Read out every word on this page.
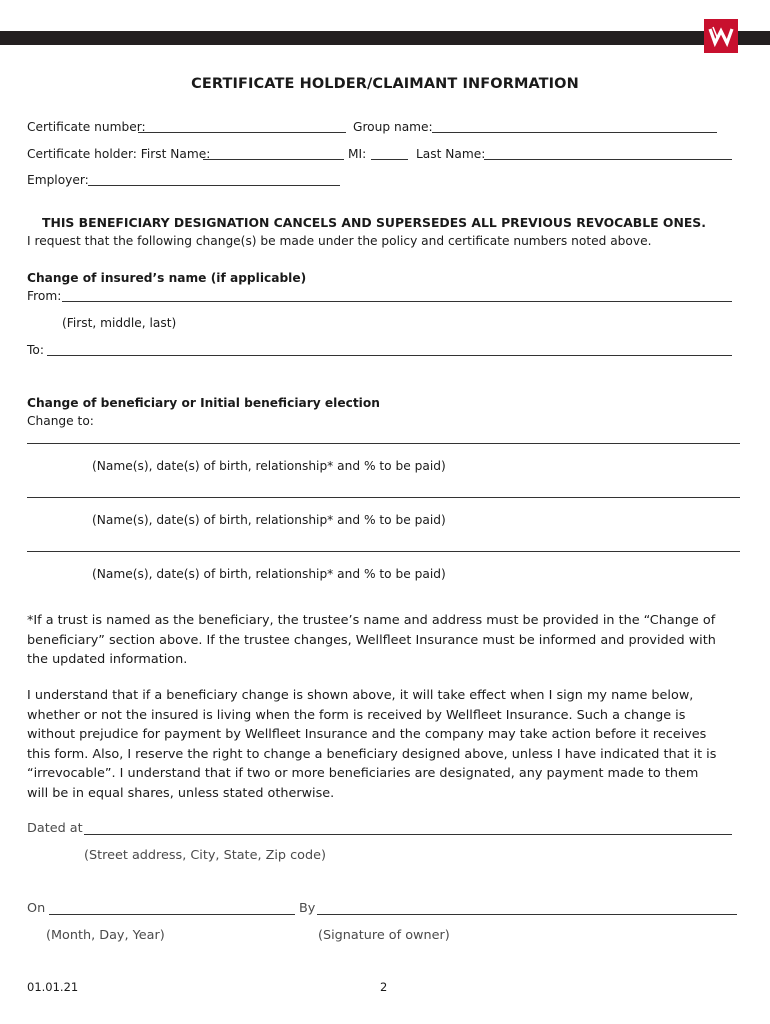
CERTIFICATE HOLDER/CLAIMANT INFORMATION
Certificate number:	Group name:
Certificate holder: First Name:	MI:	Last Name:
Employer:
THIS BENEFICIARY DESIGNATION CANCELS AND SUPERSEDES ALL PREVIOUS REVOCABLE ONES.
I request that the following change(s) be made under the policy and certificate numbers noted above.
Change of insured’s name (if applicable)
From:
(First, middle, last)
To:
Change of beneficiary or Initial beneficiary election
Change to:
(Name(s), date(s) of birth, relationship* and % to be paid)
(Name(s), date(s) of birth, relationship* and % to be paid)
(Name(s), date(s) of birth, relationship* and % to be paid)
*If a trust is named as the beneficiary, the trustee’s name and address must be provided in the “Change of beneficiary” section above. If the trustee changes, Wellfleet Insurance must be informed and provided with the updated information.
I understand that if a beneficiary change is shown above, it will take effect when I sign my name below, whether or not the insured is living when the form is received by Wellfleet Insurance. Such a change is without prejudice for payment by Wellfleet Insurance and the company may take action before it receives this form. Also, I reserve the right to change a beneficiary designed above, unless I have indicated that it is “irrevocable”. I understand that if two or more beneficiaries are designated, any payment made to them will be in equal shares, unless stated otherwise.
Dated at
(Street address, City, State, Zip code)
On	By
(Month, Day, Year)	(Signature of owner)
01.01.21	2
